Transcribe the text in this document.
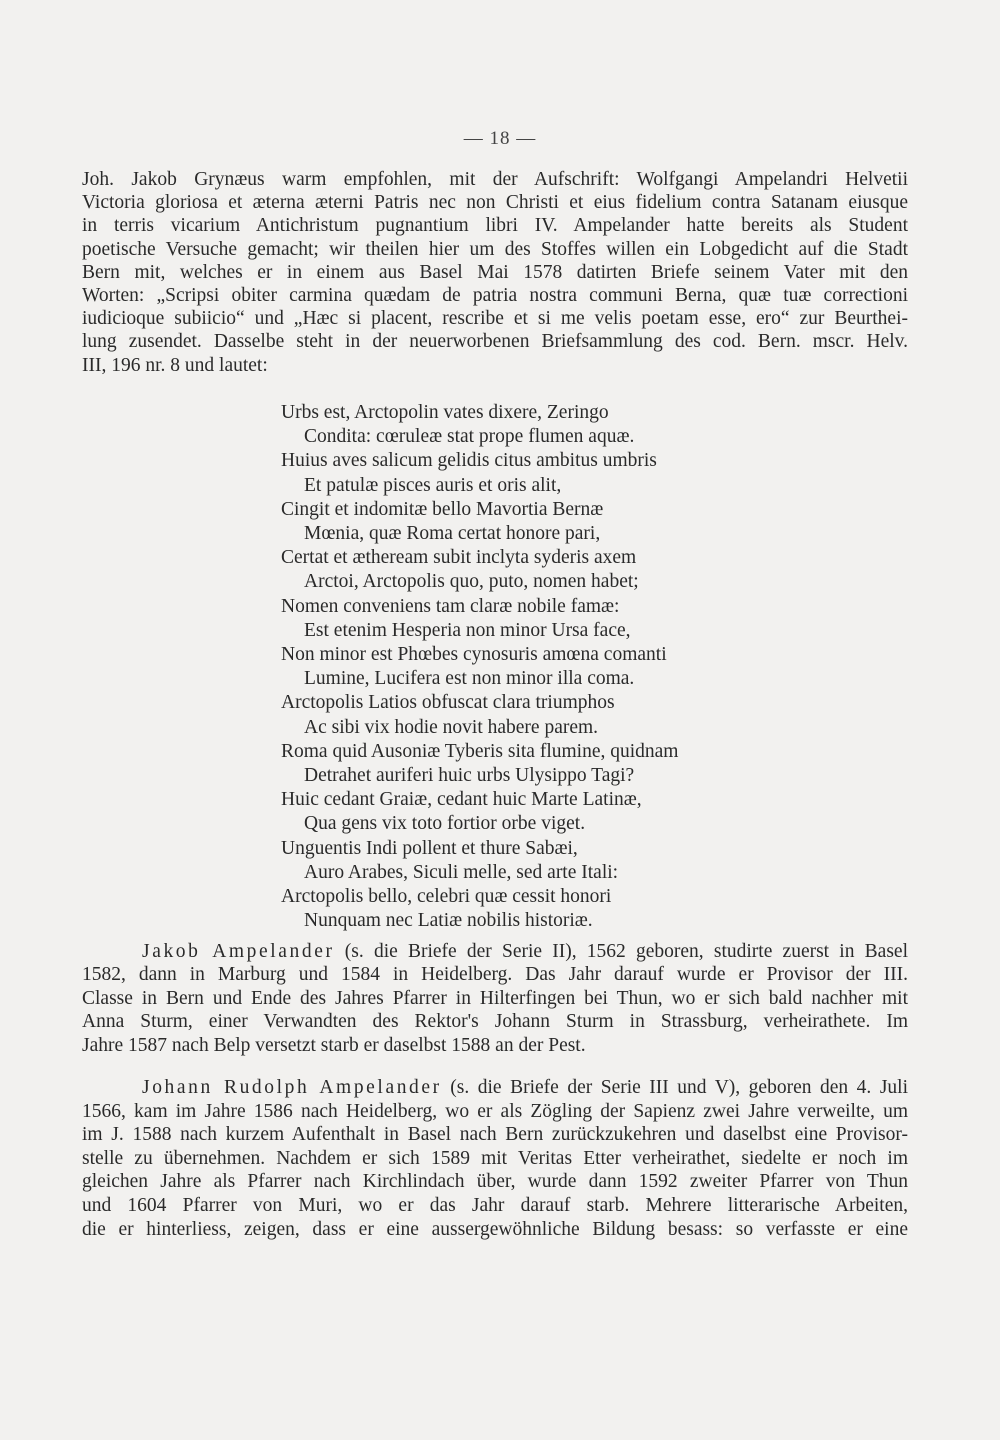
— 18 —
Joh. Jakob Grynæus warm empfohlen, mit der Aufschrift: Wolfgangi Ampelandri Helvetii
Victoria gloriosa et æterna æterni Patris nec non Christi et eius fidelium contra Satanam eiusque
in terris vicarium Antichristum pugnantium libri IV. Ampelander hatte bereits als Student
poetische Versuche gemacht; wir theilen hier um des Stoffes willen ein Lobgedicht auf die Stadt
Bern mit, welches er in einem aus Basel Mai 1578 datirten Briefe seinem Vater mit den
Worten: „Scripsi obiter carmina quædam de patria nostra communi Berna, quæ tuæ correctioni
iudicioque subiicio“ und „Hæc si placent, rescribe et si me velis poetam esse, ero“ zur Beurthei-
lung zusendet. Dasselbe steht in der neuerworbenen Briefsammlung des cod. Bern. mscr. Helv.
III, 196 nr. 8 und lautet:
Urbs est, Arctopolin vates dixere, Zeringo
Condita: cœruleæ stat prope flumen aquæ.
Huius aves salicum gelidis citus ambitus umbris
Et patulæ pisces auris et oris alit,
Cingit et indomitæ bello Mavortia Bernæ
Mœnia, quæ Roma certat honore pari,
Certat et ætheream subit inclyta syderis axem
Arctoi, Arctopolis quo, puto, nomen habet;
Nomen conveniens tam claræ nobile famæ:
Est etenim Hesperia non minor Ursa face,
Non minor est Phœbes cynosuris amœna comanti
Lumine, Lucifera est non minor illa coma.
Arctopolis Latios obfuscat clara triumphos
Ac sibi vix hodie novit habere parem.
Roma quid Ausoniæ Tyberis sita flumine, quidnam
Detrahet auriferi huic urbs Ulysippo Tagi?
Huic cedant Graiæ, cedant huic Marte Latinæ,
Qua gens vix toto fortior orbe viget.
Unguentis Indi pollent et thure Sabæi,
Auro Arabes, Siculi melle, sed arte Itali:
Arctopolis bello, celebri quæ cessit honori
Nunquam nec Latiæ nobilis historiæ.
Jakob Ampelander (s. die Briefe der Serie II), 1562 geboren, studirte zuerst in Basel
1582, dann in Marburg und 1584 in Heidelberg. Das Jahr darauf wurde er Provisor der III.
Classe in Bern und Ende des Jahres Pfarrer in Hilterfingen bei Thun, wo er sich bald nachher mit
Anna Sturm, einer Verwandten des Rektor's Johann Sturm in Strassburg, verheirathete. Im
Jahre 1587 nach Belp versetzt starb er daselbst 1588 an der Pest.
Johann Rudolph Ampelander (s. die Briefe der Serie III und V), geboren den 4. Juli
1566, kam im Jahre 1586 nach Heidelberg, wo er als Zögling der Sapienz zwei Jahre verweilte, um
im J. 1588 nach kurzem Aufenthalt in Basel nach Bern zurückzukehren und daselbst eine Provisor-
stelle zu übernehmen. Nachdem er sich 1589 mit Veritas Etter verheirathet, siedelte er noch im
gleichen Jahre als Pfarrer nach Kirchlindach über, wurde dann 1592 zweiter Pfarrer von Thun
und 1604 Pfarrer von Muri, wo er das Jahr darauf starb. Mehrere litterarische Arbeiten,
die er hinterliess, zeigen, dass er eine aussergewöhnliche Bildung besass: so verfasste er eine
